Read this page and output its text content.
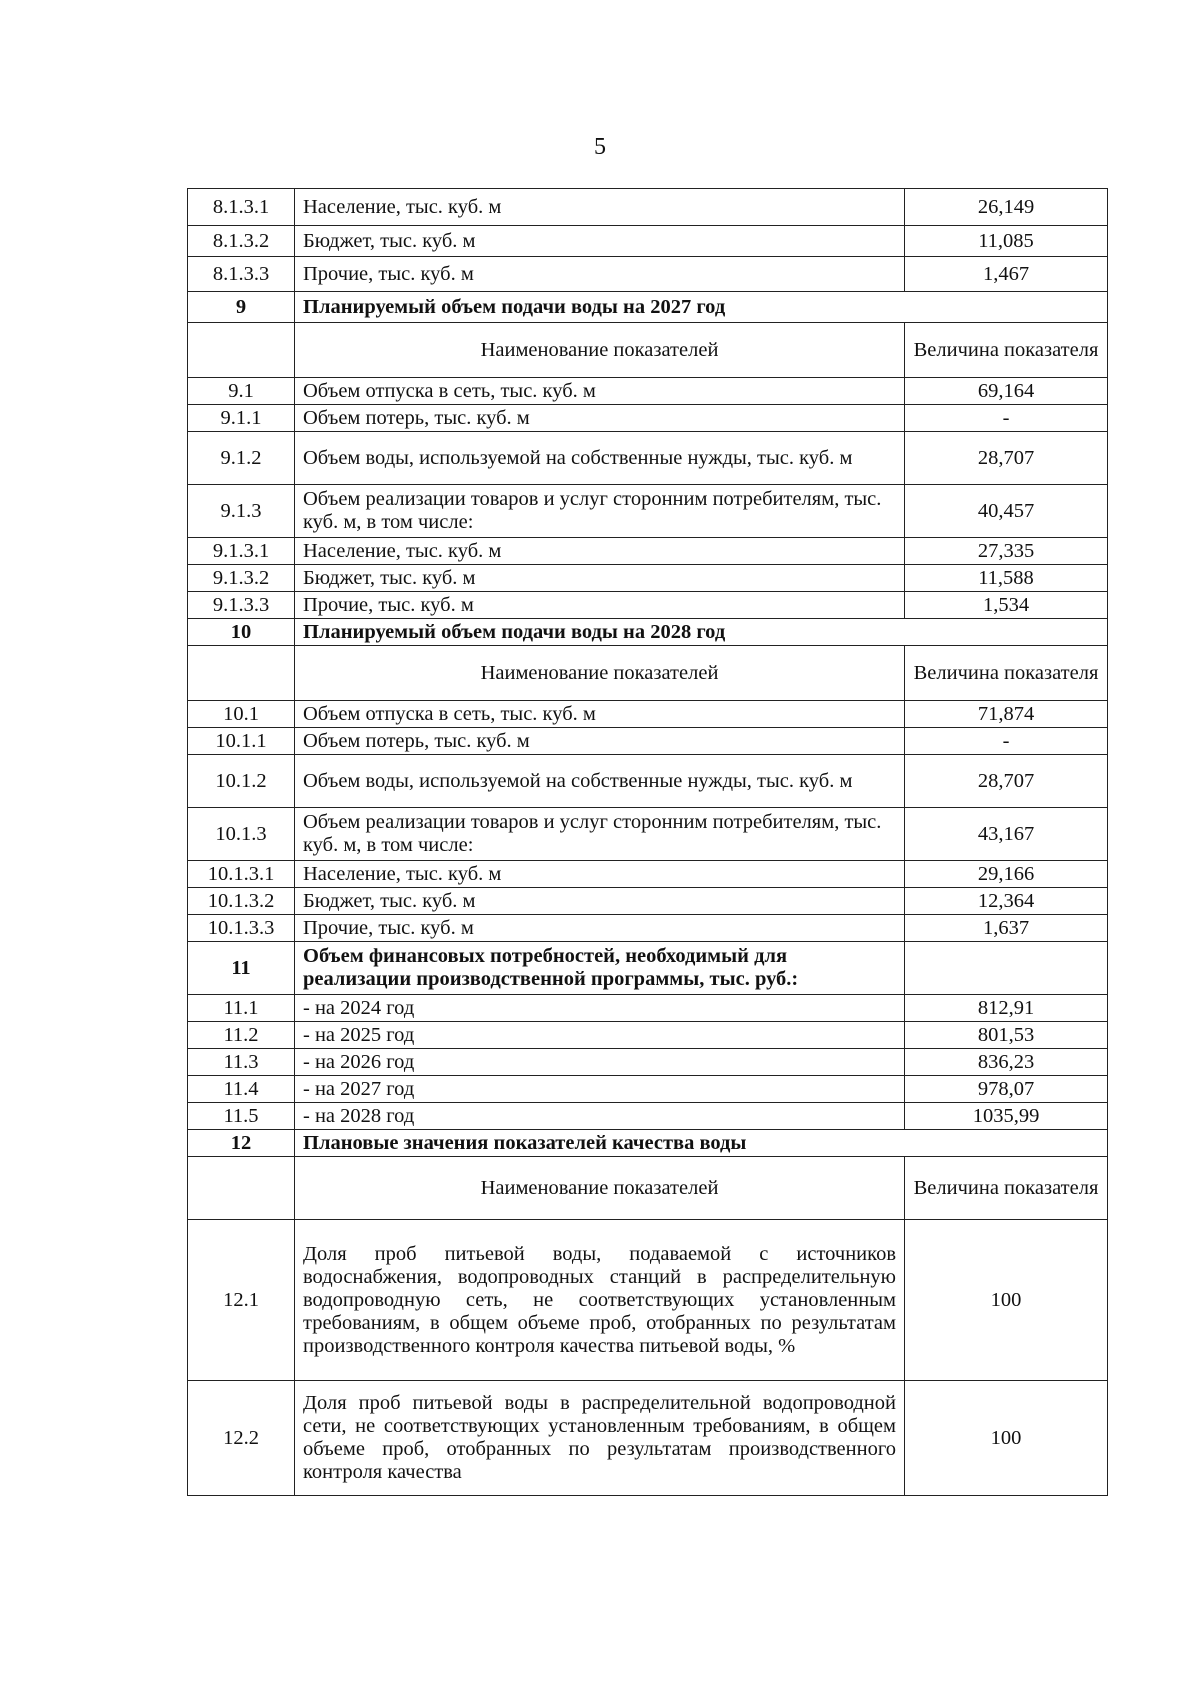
5
8.1.3.1	Население, тыс. куб. м	26,149
8.1.3.2	Бюджет, тыс. куб. м	11,085
8.1.3.3	Прочие, тыс. куб. м	1,467
9	Планируемый объем подачи воды на 2027 год	
	Наименование показателей	Величина показателя
9.1	Объем отпуска в сеть, тыс. куб. м	69,164
9.1.1	Объем потерь, тыс. куб. м	-
9.1.2	Объем воды, используемой на собственные нужды, тыс. куб. м	28,707
9.1.3	Объем реализации товаров и услуг сторонним потребителям, тыс. куб. м, в том числе:	40,457
9.1.3.1	Население, тыс. куб. м	27,335
9.1.3.2	Бюджет, тыс. куб. м	11,588
9.1.3.3	Прочие, тыс. куб. м	1,534
10	Планируемый объем подачи воды на 2028 год	
	Наименование показателей	Величина показателя
10.1	Объем отпуска в сеть, тыс. куб. м	71,874
10.1.1	Объем потерь, тыс. куб. м	-
10.1.2	Объем воды, используемой на собственные нужды, тыс. куб. м	28,707
10.1.3	Объем реализации товаров и услуг сторонним потребителям, тыс. куб. м, в том числе:	43,167
10.1.3.1	Население, тыс. куб. м	29,166
10.1.3.2	Бюджет, тыс. куб. м	12,364
10.1.3.3	Прочие, тыс. куб. м	1,637
11	Объем финансовых потребностей, необходимый для реализации производственной программы, тыс. руб.:	
11.1	- на 2024 год	812,91
11.2	- на 2025 год	801,53
11.3	- на 2026 год	836,23
11.4	- на 2027 год	978,07
11.5	- на 2028 год	1035,99
12	Плановые значения показателей качества воды	
	Наименование показателей	Величина показателя
12.1	Доля проб питьевой воды, подаваемой с источников водоснабжения, водопроводных станций в распределительную водопроводную сеть, не соответствующих установленным требованиям, в общем объеме проб, отобранных по результатам производственного контроля качества питьевой воды, %	100
12.2	Доля проб питьевой воды в распределительной водопроводной сети, не соответствующих установленным требованиям, в общем объеме проб, отобранных по результатам производственного контроля качества	100
